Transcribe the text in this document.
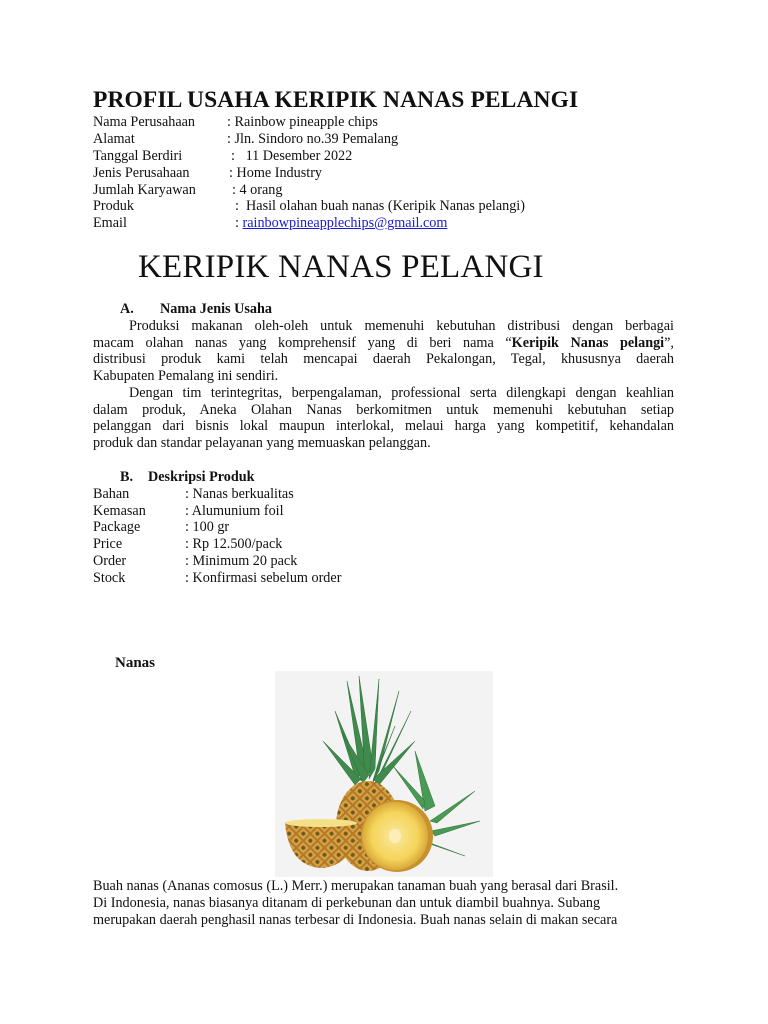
PROFIL USAHA KERIPIK NANAS PELANGI
Nama Perusahaan : Rainbow pineapple chips
Alamat	: Jln. Sindoro no.39 Pemalang
Tanggal Berdiri	:   11 Desember 2022
Jenis Perusahaan	: Home Industry
Jumlah Karyawan	: 4 orang
Produk	: Hasil olahan buah nanas (Keripik Nanas pelangi)
Email	: rainbowpineapplechips@gmail.com
KERIPIK NANAS PELANGI
A. Nama Jenis Usaha
Produksi makanan oleh-oleh untuk memenuhi kebutuhan distribusi dengan berbagai
macam olahan nanas yang komprehensif yang di beri nama “Keripik Nanas pelangi”,
distribusi produk kami telah mencapai daerah Pekalongan, Tegal, khususnya daerah
Kabupaten Pemalang ini sendiri.
Dengan tim terintegritas, berpengalaman, professional serta dilengkapi dengan keahlian
dalam produk, Aneka Olahan Nanas berkomitmen untuk memenuhi kebutuhan setiap
pelanggan dari bisnis lokal maupun interlokal, melaui harga yang kompetitif, kehandalan
produk dan standar pelayanan yang memuaskan pelanggan.
B. Deskripsi Produk
Bahan	: Nanas berkualitas
Kemasan	: Alumunium foil
Package	: 100 gr
Price	: Rp 12.500/pack
Order	: Minimum 20 pack
Stock	: Konfirmasi sebelum order
Nanas
Buah nanas (Ananas comosus (L.) Merr.) merupakan tanaman buah yang berasal dari Brasil.
Di Indonesia, nanas biasanya ditanam di perkebunan dan untuk diambil buahnya. Subang
merupakan daerah penghasil nanas terbesar di Indonesia. Buah nanas selain di makan secara
